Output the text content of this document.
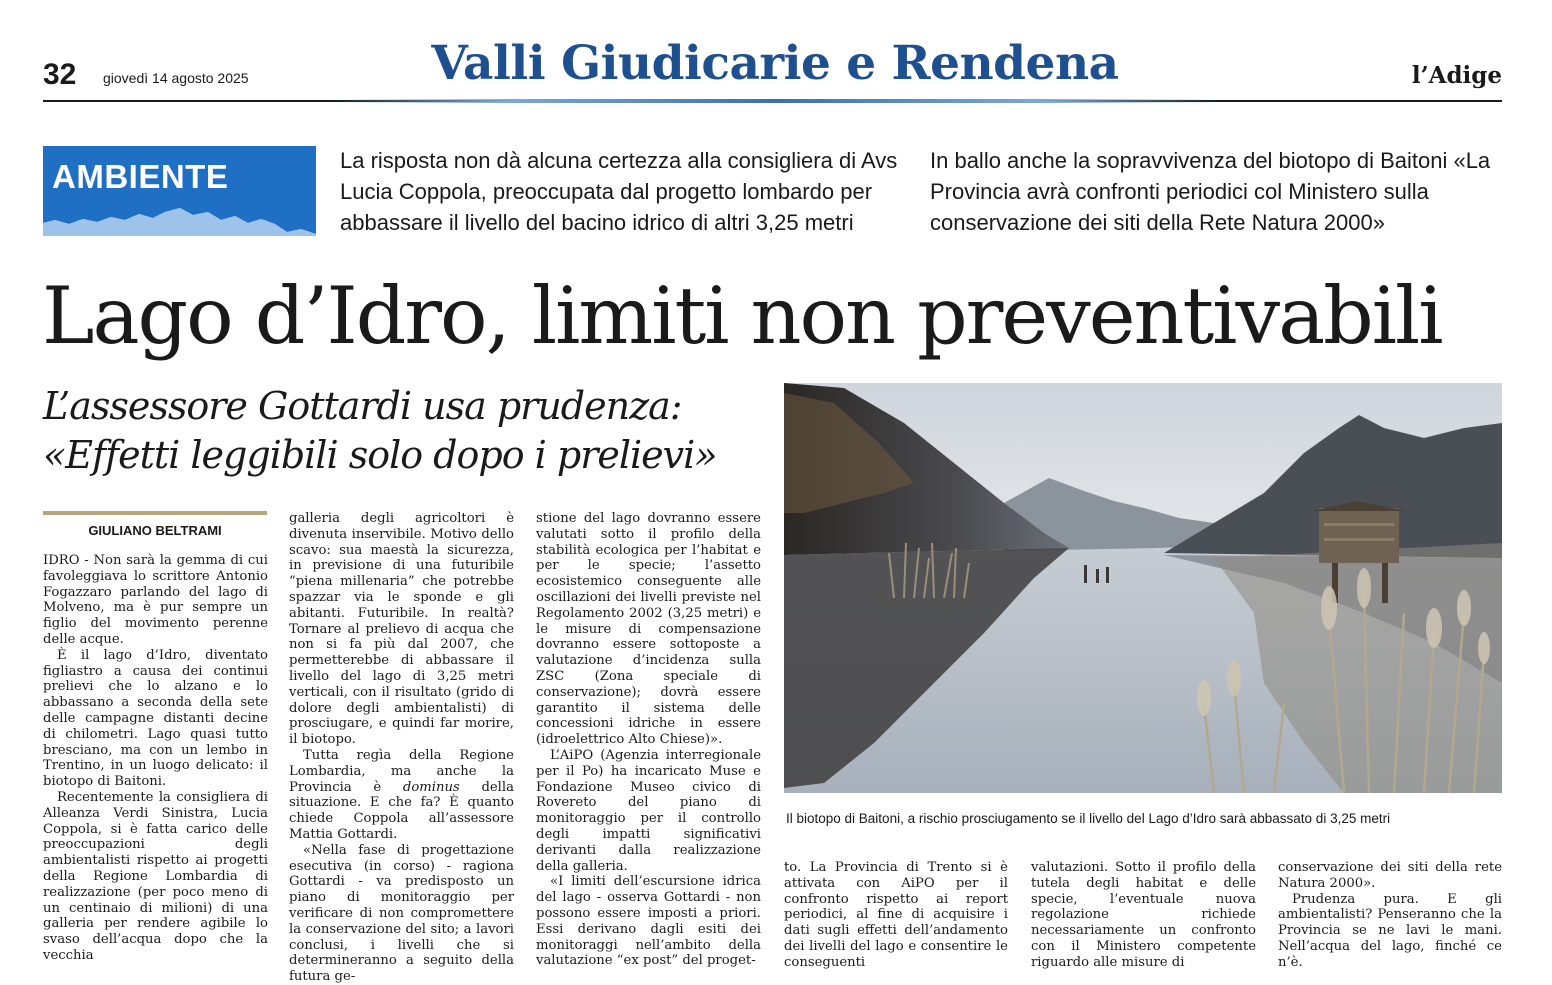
32 giovedì 14 agosto 2025	Valli Giudicarie e Rendena	l’Adige
AMBIENTE	La risposta non dà alcuna certezza alla consigliera di Avs Lucia Coppola, preoccupata dal progetto lombardo per abbassare il livello del bacino idrico di altri 3,25 metri
In ballo anche la sopravvivenza del biotopo di Baitoni «La Provincia avrà confronti periodici col Ministero sulla conservazione dei siti della Rete Natura 2000»
Lago d’Idro, limiti non preventivabili
L’assessore Gottardi usa prudenza: «Effetti leggibili solo dopo i prelievi»
GIULIANO BELTRAMI

IDRO - Non sarà la gemma di cui favoleggiava lo scrittore Antonio Fogazzaro parlando del lago di Molveno, ma è pur sempre un figlio del movimento perenne delle acque.

È il lago d’Idro, diventato figliastro a causa dei continui prelievi che lo alzano e lo abbassano a seconda della sete delle campagne distanti decine di chilometri. Lago quasi tutto bresciano, ma con un lembo in Trentino, in un luogo delicato: il biotopo di Baitoni.

Recentemente la consigliera di Alleanza Verdi Sinistra, Lucia Coppola, si è fatta carico delle preoccupazioni degli ambientalisti rispetto ai progetti della Regione Lombardia di realizzazione (per poco meno di un centinaio di milioni) di una galleria per rendere agibile lo svaso dell’acqua dopo che la vecchia

galleria degli agricoltori è divenuta inservibile. Motivo dello scavo: sua maestà la sicurezza, in previsione di una futuribile “piena millenaria” che potrebbe spazzar via le sponde e gli abitanti. Futuribile. In realtà? Tornare al prelievo di acqua che non si fa più dal 2007, che permetterebbe di abbassare il livello del lago di 3,25 metri verticali, con il risultato (grido di dolore degli ambientalisti) di prosciugare, e quindi far morire, il biotopo.

Tutta regìa della Regione Lombardia, ma anche la Provincia è dominus della situazione. E che fa? È quanto chiede Coppola all’assessore Mattia Gottardi.

«Nella fase di progettazione esecutiva (in corso) - ragiona Gottardi - va predisposto un piano di monitoraggio per verificare di non compromettere la conservazione del sito; a lavori conclusi, i livelli che si determineranno a seguito della futura ge-

stione del lago dovranno essere valutati sotto il profilo della stabilità ecologica per l’habitat e per le specie; l’assetto ecosistemico conseguente alle oscillazioni dei livelli previste nel Regolamento 2002 (3,25 metri) e le misure di compensazione dovranno essere sottoposte a valutazione d’incidenza sulla ZSC (Zona speciale di conservazione); dovrà essere garantito il sistema delle concessioni idriche in essere (idroelettrico Alto Chiese)».

L’AiPO (Agenzia interregionale per il Po) ha incaricato Muse e Fondazione Museo civico di Rovereto del piano di monitoraggio per il controllo degli impatti significativi derivanti dalla realizzazione della galleria.

«I limiti dell’escursione idrica del lago - osserva Gottardi - non possono essere imposti a priori. Essi derivano dagli esiti dei monitoraggi nell’ambito della valutazione “ex post” del proget-

to. La Provincia di Trento si è attivata con AiPO per il confronto rispetto ai report periodici, al fine di acquisire i dati sugli effetti dell’andamento dei livelli del lago e consentire le conseguenti

valutazioni. Sotto il profilo della tutela degli habitat e delle specie, l’eventuale nuova regolazione richiede necessariamente un confronto con il Ministero competente riguardo alle misure di

conservazione dei siti della rete Natura 2000».

Prudenza pura. E gli ambientalisti? Penseranno che la Provincia se ne lavi le mani. Nell’acqua del lago, finché ce n’è.

Il biotopo di Baitoni, a rischio prosciugamento se il livello del Lago d’Idro sarà abbassato di 3,25 metri
